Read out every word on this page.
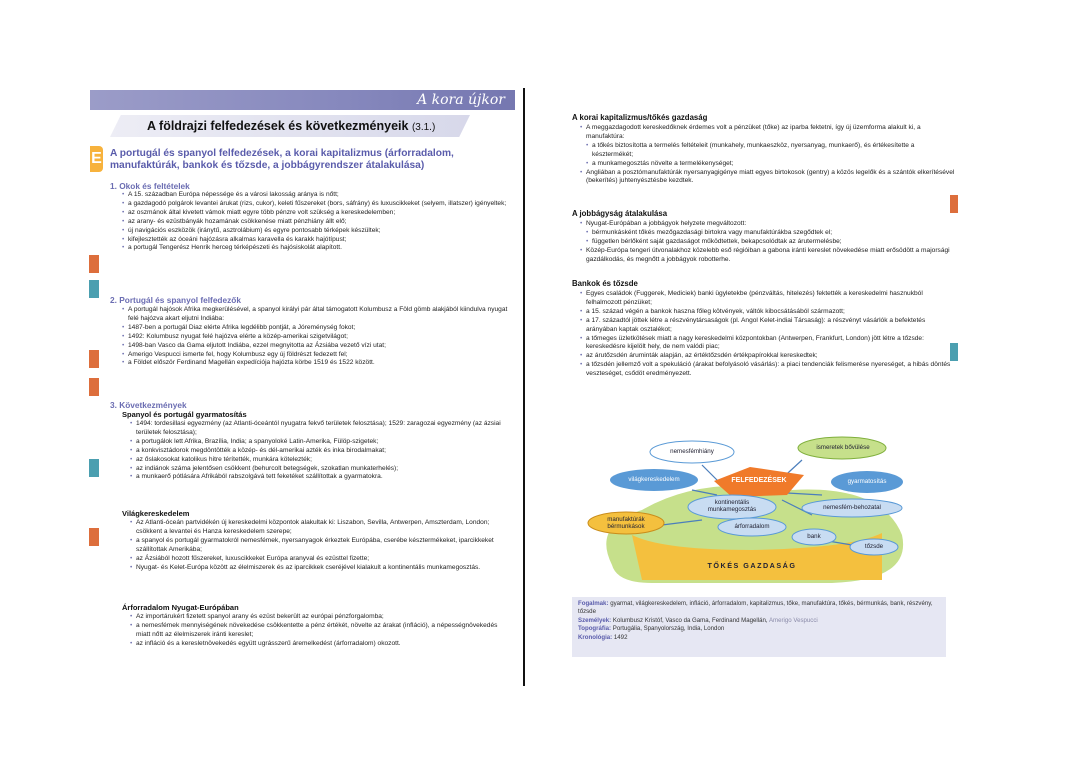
A kora újkor
A földrajzi felfedezések és következményeik (3.1.)
E A portugál és spanyol felfedezések, a korai kapitalizmus (árforradalom, manufaktúrák, bankok és tőzsde, a jobbágyrendszer átalakulása)
1. Okok és feltételek
• A 15. században Európa népessége és a városi lakosság aránya is nőtt;
• a gazdagodó polgárok levantei árukat (rizs, cukor), keleti fűszereket (bors, sáfrány) és luxuscikkeket (selyem, illatszer) igényeltek;
• az oszmánok által kivetett vámok miatt egyre több pénzre volt szükség a kereskedelemben;
• az arany- és ezüstbányák hozamának csökkenése miatt pénzhiány állt elő;
• új navigációs eszközök (iránytű, asztrolábium) és egyre pontosabb térképek készültek;
• kifejlesztették az óceáni hajózásra alkalmas karavella és karakk hajótípust;
• a portugál Tengerész Henrik herceg térképészeti és hajósiskolát alapított.
2. Portugál és spanyol felfedezők
• A portugál hajósok Afrika megkerülésével, a spanyol királyi pár által támogatott Kolumbusz a Föld gömb alakjából kiindulva nyugat felé hajózva akart eljutni Indiába:
• 1487-ben a portugál Diaz elérte Afrika legdélibb pontját, a Jóreménység fokot;
• 1492: Kolumbusz nyugat felé hajózva elérte a közép-amerikai szigetvilágot;
• 1498-ban Vasco da Gama eljutott Indiába, ezzel megnyitotta az Ázsiába vezető vízi utat;
• Amerigo Vespucci ismerte fel, hogy Kolumbusz egy új földrészt fedezett fel;
• a Földet először Ferdinand Magellán expedíciója hajózta körbe 1519 és 1522 között.
3. Következmények
Spanyol és portugál gyarmatosítás
• 1494: tordesillasi egyezmény (az Atlanti-óceántól nyugatra fekvő területek felosztása); 1529: zaragozai egyezmény (az ázsiai területek felosztása);
• a portugálok lett Afrika, Brazília, India; a spanyoloké Latin-Amerika, Fülöp-szigetek;
• a konkvisztádorok megdöntötték a közép- és dél-amerikai azték és inka birodalmakat;
• az őslakosokat katolikus hitre térítették, munkára kötelezték;
• az indiánok száma jelentősen csökkent (behurcolt betegségek, szokatlan munkaterhelés);
• a munkaerő pótlására Afrikából rabszolgává tett feketéket szállítottak a gyarmatokra.
Világkereskedelem
• Az Atlanti-óceán partvidékén új kereskedelmi központok alakultak ki: Liszabon, Sevilla, Antwerpen, Amszterdam, London; csökkent a levantei és Hanza kereskedelem szerepe;
• a spanyol és portugál gyarmatokról nemesfémek, nyersanyagok érkeztek Európába, cserébe késztermékeket, iparcikkeket szállítottak Amerikába;
• az Ázsiából hozott fűszereket, luxuscikkeket Európa aranyval és ezüsttel fizette;
• Nyugat- és Kelet-Európa között az élelmiszerek és az iparcikkek cseréjével kialakult a kontinentális munkamegosztás.
Árforradalom Nyugat-Európában
• Az importárukért fizetett spanyol arany és ezüst bekerült az európai pénzforgalomba;
• a nemesfémek mennyiségének növekedése csökkentette a pénz értékét, növelte az árakat (infláció), a népességnövekedés miatt nőtt az élelmiszerek iránti kereslet;
• az infláció és a keresletnövekedés együtt ugrásszerű áremelkedést (árforradalom) okozott.
A korai kapitalizmus/tőkés gazdaság
• A meggazdagodott kereskedőknek érdemes volt a pénzüket (tőke) az iparba fektetni, így új üzemforma alakult ki, a manufaktúra:
• a tőkés biztosította a termelés feltételeit (munkahely, munkaeszköz, nyersanyag, munkaerő), és értékesítette a késztermékét;
• a munkamegosztás növelte a termelékenységet;
• Angliában a posztómanufaktúrák nyersanyagigénye miatt egyes birtokosok (gentry) a közös legelők és a szántók elkerítésével (bekerítés) juhtenyésztésbe kezdtek.
A jobbágyság átalakulása
• Nyugat-Európában a jobbágyok helyzete megváltozott:
• bérmunkásként tőkés mezőgazdasági birtokra vagy manufaktúrákba szegődtek el;
• független bérlőként saját gazdaságot működtettek, bekapcsolódtak az árutermelésbe;
• Közép-Európa tengeri útvonalakhoz közelebb eső régióiban a gabona iránti kereslet növekedése miatt erősödött a majorsági gazdálkodás, és megnőtt a jobbágyok robotterhe.
Bankok és tőzsde
• Egyes családok (Fuggerek, Mediciek) banki ügyletekbe (pénzváltás, hitelezés) fektették a kereskedelmi hasznukból felhalmozott pénzüket;
• a 15. század végén a bankok haszna főleg kötvények, váltók kibocsátásából származott;
• a 17. századtól jöttek létre a részvénytársaságok (pl. Angol Kelet-indiai Társaság): a részvényt vásárlók a befektetés arányában kaptak osztalékot;
• a tőmeges üzletkötések miatt a nagy kereskedelmi központokban (Antwerpen, Frankfurt, London) jött létre a tőzsde: kereskedésre kijelölt hely, de nem valódi piac;
• az árutőzsdén áruminták alapján, az értéktőzsdén értékpapírokkal kereskedtek;
• a tőzsdén jellemző volt a spekuláció (árakat befolyásoló vásárlás): a piaci tendenciák felismerése nyereséget, a hibás döntés veszteséget, csődöt eredményezett.
nemesfémhiány
ismeretek bővülése
világkereskedelem	gyarmatosítás
FELFEDEZÉSEK
kontinentális munkamegosztás	nemesfém-behozatal
manufaktúrák bérmunkások	árforradalom
bank
tőzsde
TŐKÉS GAZDASÁG
Fogalmak: gyarmat, világkereskedelem, infláció, árforradalom, kapitalizmus, tőke, manufaktúra, tőkés, bérmunkás, bank, részvény, tőzsde
Személyek: Kolumbusz Kristóf, Vasco da Gama, Ferdinand Magellán, Amerigo Vespucci
Topográfia: Portugália, Spanyolország, India, London
Kronológia: 1492
